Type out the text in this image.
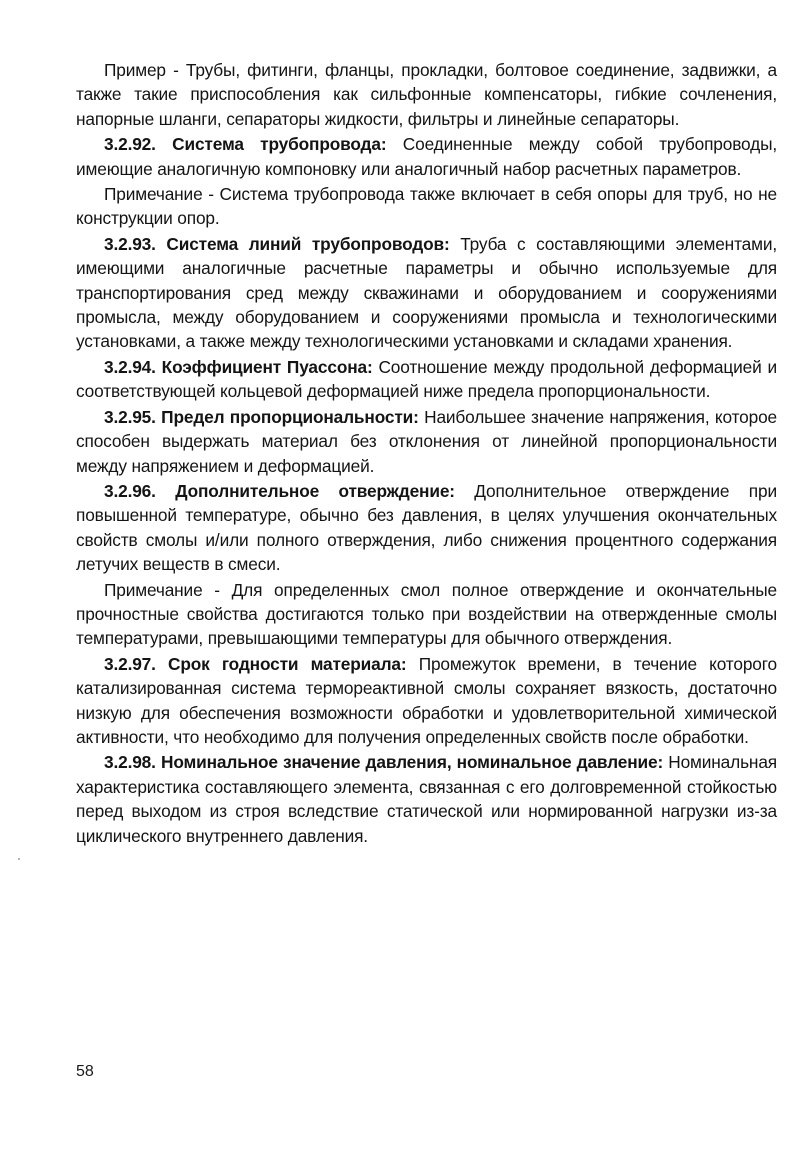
Пример - Трубы, фитинги, фланцы, прокладки, болтовое соединение, задвижки, а также такие приспособления как сильфонные компенсаторы, гибкие сочленения, напорные шланги, сепараторы жидкости, фильтры и линейные сепараторы.

3.2.92. Система трубопровода: Соединенные между собой трубопроводы, имеющие аналогичную компоновку или аналогичный набор расчетных параметров.

Примечание - Система трубопровода также включает в себя опоры для труб, но не конструкции опор.

3.2.93. Система линий трубопроводов: Труба с составляющими элементами, имеющими аналогичные расчетные параметры и обычно используемые для транспортирования сред между скважинами и оборудованием и сооружениями промысла, между оборудованием и сооружениями промысла и технологическими установками, а также между технологическими установками и складами хранения.

3.2.94. Коэффициент Пуассона: Соотношение между продольной деформацией и соответствующей кольцевой деформацией ниже предела пропорциональности.

3.2.95. Предел пропорциональности: Наибольшее значение напряжения, которое способен выдержать материал без отклонения от линейной пропорциональности между напряжением и деформацией.

3.2.96. Дополнительное отверждение: Дополнительное отверждение при повышенной температуре, обычно без давления, в целях улучшения окончательных свойств смолы и/или полного отверждения, либо снижения процентного содержания летучих веществ в смеси.

Примечание - Для определенных смол полное отверждение и окончательные прочностные свойства достигаются только при воздействии на отвержденные смолы температурами, превышающими температуры для обычного отверждения.

3.2.97. Срок годности материала: Промежуток времени, в течение которого катализированная система термореактивной смолы сохраняет вязкость, достаточно низкую для обеспечения возможности обработки и удовлетворительной химической активности, что необходимо для получения определенных свойств после обработки.

3.2.98. Номинальное значение давления, номинальное давление: Номинальная характеристика составляющего элемента, связанная с его долговременной стойкостью перед выходом из строя вследствие статической или нормированной нагрузки из-за циклического внутреннего давления.

58
